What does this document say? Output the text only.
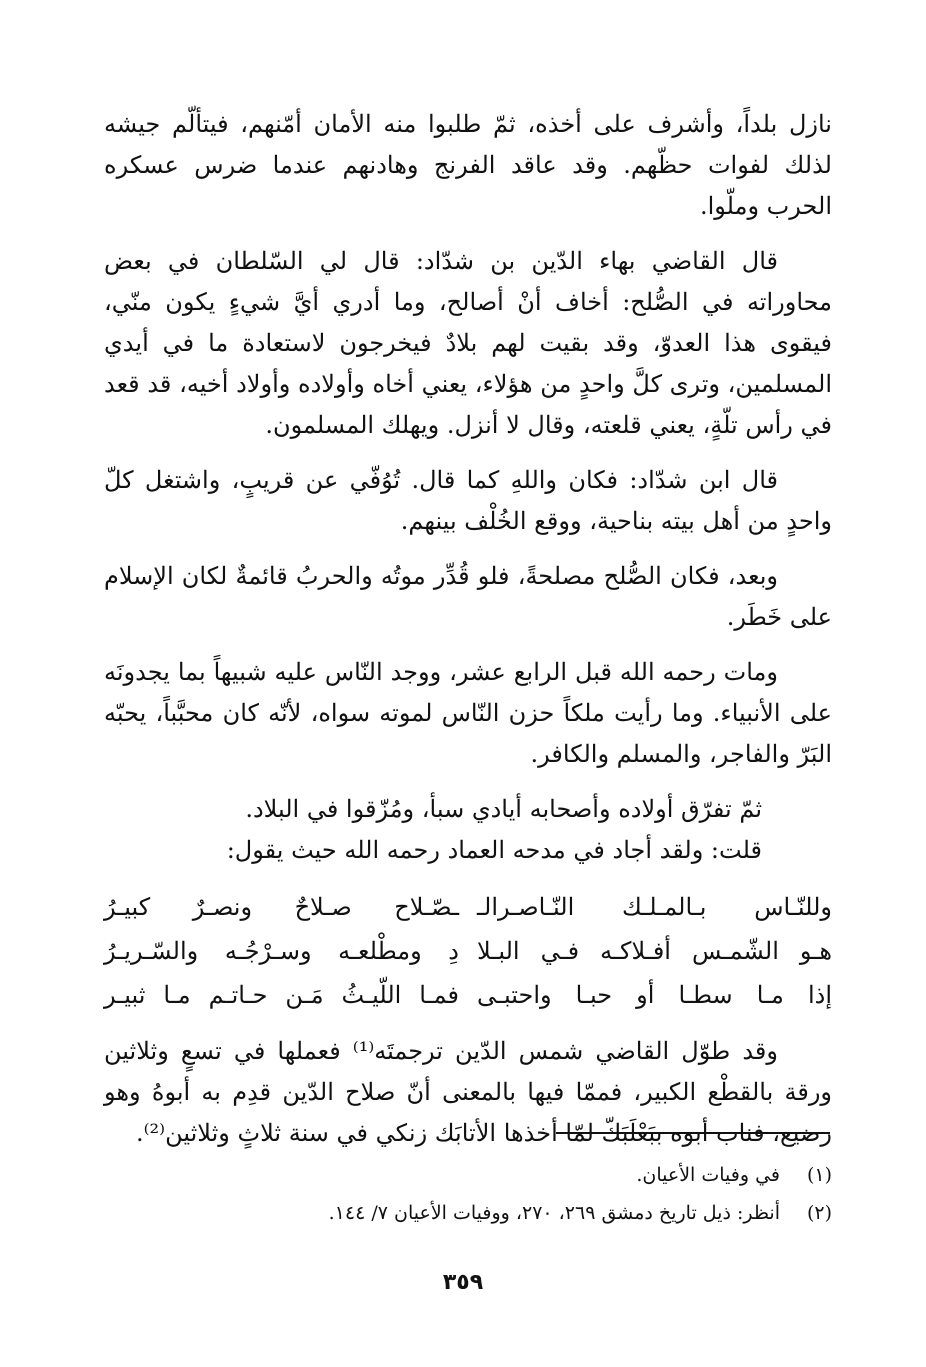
نازل بلداً، وأشرف على أخذه، ثمّ طلبوا منه الأمان أمّنهم، فيتألّم جيشه لذلك لفوات حظّهم. وقد عاقد الفرنج وهادنهم عندما ضرس عسكره الحرب وملّوا.

قال القاضي بهاء الدّين بن شدّاد: قال لي السّلطان في بعض محاوراته في الصُّلح: أخاف أنْ أصالح، وما أدري أيَّ شيءٍ يكون منّي، فيقوى هذا العدوّ، وقد بقيت لهم بلادٌ فيخرجون لاستعادة ما في أيدي المسلمين، وترى كلَّ واحدٍ من هؤلاء، يعني أخاه وأولاده وأولاد أخيه، قد قعد في رأس تلّةٍ، يعني قلعته، وقال لا أنزل. ويهلك المسلمون.

قال ابن شدّاد: فكان واللهِ كما قال. تُوُفّي عن قريبٍ، واشتغل كلّ واحدٍ من أهل بيته بناحية، ووقع الخُلْف بينهم.

وبعد، فكان الصُّلح مصلحةً، فلو قُدِّر موتُه والحربُ قائمةٌ لكان الإسلام على خَطَر.

ومات رحمه الله قبل الرابع عشر، ووجد النّاس عليه شبيهاً بما يجدونَه على الأنبياء. وما رأيت ملكاً حزن النّاس لموته سواه، لأنّه كان محبَّباً، يحبّه البَرّ والفاجر، والمسلم والكافر.

ثمّ تفرّق أولاده وأصحابه أيادي سبأ، ومُزّقوا في البلاد.

قلت: ولقد أجاد في مدحه العماد رحمه الله حيث يقول:

وللنّـاس بـالمـلـك النّـاصـرالـ
ـصّـلاح صـلاحٌ ونصـرٌ كبيـرُ
هـو الشّمـس أفـلاكـه فـي البـلا
دِ ومطْلعـه وسـرْجُـه والسّـريـرُ
إذا مـا سطـا أو حبـا واحتبـى
فمـا اللّيـثُ مَـن حـاتـم مـا ثبيـر

وقد طوّل القاضي شمس الدّين ترجمتَه⁽¹⁾ فعملها في تسعٍ وثلاثين ورقة بالقطْع الكبير، فممّا فيها بالمعنى أنّ صلاح الدّين قدِم به أبوهُ وهو رضيع، فناب أبوه ببَعْلَبَكّ لمّا أخذها الأتابَك زنكي في سنة ثلاثٍ وثلاثين⁽²⁾.

(١)
في وفيات الأعيان.
(٢)
أنظر: ذيل تاريخ دمشق ٢٦٩، ٢٧٠، ووفيات الأعيان ٧/ ١٤٤.
٣٥٩
